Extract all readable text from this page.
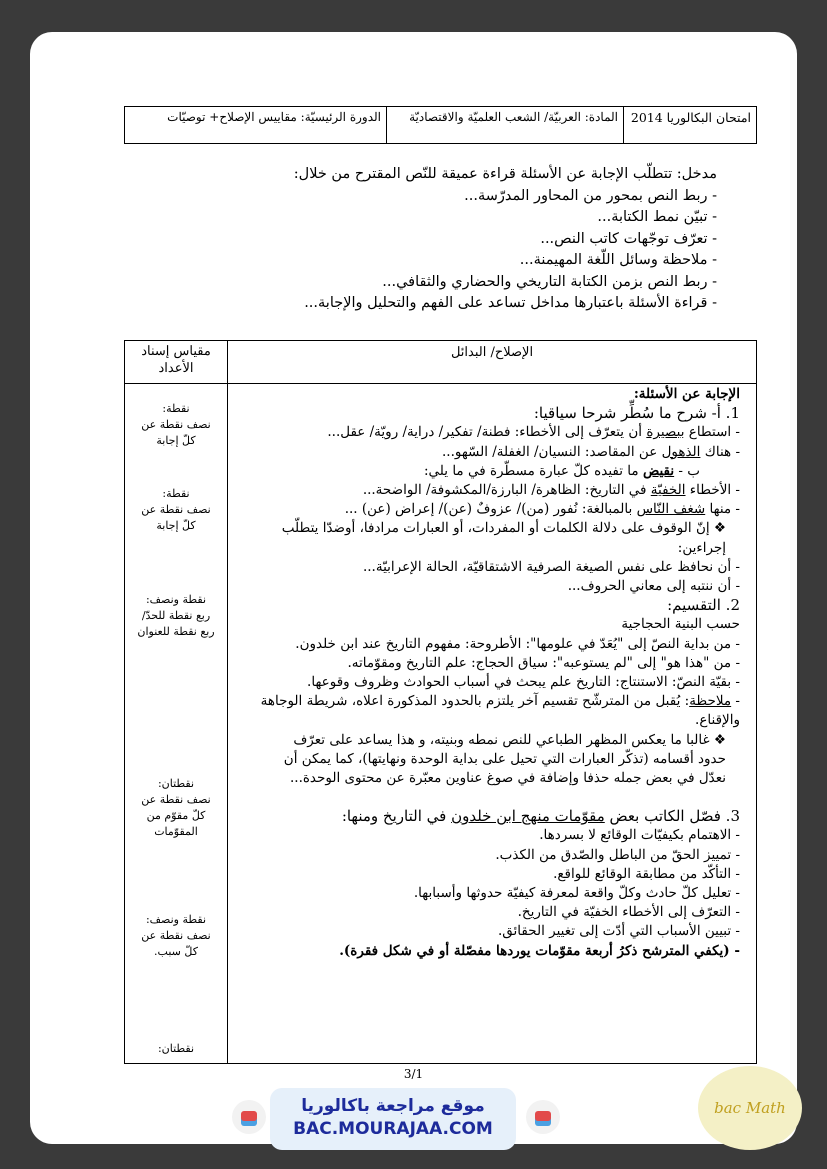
امتحان البكالوريا 2014
المادة: العربيّة/ الشعب العلميّة والاقتصاديّة
الدورة الرئيسيّة: مقاييس الإصلاح+ توصيّات
مدخل: تتطلّب الإجابة عن الأسئلة قراءة عميقة للنّص المقترح من خلال:
- ربط النص بمحور من المحاور المدرّسة...
- تبيّن نمط الكتابة...
- تعرّف توجّهات كاتب النص...
- ملاحظة وسائل اللّغة المهيمنة...
- ربط النص بزمن الكتابة التاريخي والحضاري والثقافي...
- قراءة الأسئلة باعتبارها مداخل تساعد على الفهم والتحليل والإجابة...
مقياس إسناد الأعداد
الإصلاح/ البدائل
نقطة:
نصف نقطة عن
كلّ إجابة
نقطة:
نصف نقطة عن
كلّ إجابة
نقطة ونصف:
ربع نقطة للحدّ/
ربع نقطة للعنوان
نقطتان:
نصف نقطة عن
كلّ مقوّم من
المقوّمات
نقطة ونصف:
نصف نقطة عن
كلّ سبب.
نقطتان:
الإجابة عن الأسئلة:
1. أ- شرح ما سُطِّر شرحا سياقيا:
- استطاع ببصيرة أن يتعرّف إلى الأخطاء: فطنة/ تفكير/ دراية/ رويّة/ عقل...
- هناك الذهول عن المقاصد: النسيان/ الغفلة/ السّهو...
ب - نقيض ما تفيده كلّ عبارة مسطّرة في ما يلي:
- الأخطاء الخفيّة في التاريخ: الظاهرة/ البارزة/المكشوفة/ الواضحة...
- منها شغف النّاس بالمبالغة: نُفور (من)/ عزوفٌ (عن)/ إعراض (عن) ...
❖ إنّ الوقوف على دلالة الكلمات أو المفردات، أو العبارات مرادفا، أوضدّا يتطلّب إجراءين:
- أن نحافظ على نفس الصيغة الصرفية الاشتقاقيّة، الحالة الإعرابيّة...
- أن ننتبه إلى معاني الحروف...
2. التقسيم:
حسب البنية الحجاجية
- من بداية النصّ إلى "يُعَدّ في علومها": الأطروحة: مفهوم التاريخ عند ابن خلدون.
- من "هذا هو" إلى "لم يستوعبه": سياق الحجاج: علم التاريخ ومقوّماته.
- بقيّة النصّ: الاستنتاج: التاريخ علم يبحث في أسباب الحوادث وظروف وقوعها.
- ملاحظة: يُقبل من المترشّح تقسيم آخر يلتزم بالحدود المذكورة اعلاه، شريطة الوجاهة والإقناع.
❖ غالبا ما يعكس المظهر الطباعي للنص نمطه وبنيته، و هذا يساعد على تعرّف حدود أقسامه (تذكّر العبارات التي تحيل على بداية الوحدة ونهايتها)، كما يمكن أن نعدّل في بعض جمله حذفا وإضافة في صوغ عناوين معبّرة عن محتوى الوحدة...
3. فصّل الكاتب بعض مقوّمات منهج ابن خلدون في التاريخ ومنها:
- الاهتمام بكيفيّات الوقائع لا بسردها.
- تمييز الحقّ من الباطل والصّدق من الكذب.
- التأكّد من مطابقة الوقائع للواقع.
- تعليل كلّ حادث وكلّ واقعة لمعرفة كيفيّة حدوثها وأسبابها.
- التعرّف إلى الأخطاء الخفيّة في التاريخ.
- تبيين الأسباب التي أدّت إلى تغيير الحقائق.
- (يكفي المترشح ذكرُ أربعة مقوّمات يوردها مفصّلة أو في شكل فقرة).
3/1
موقع مراجعة باكالوريا
BAC.MOURAJAA.COM
bac Math
